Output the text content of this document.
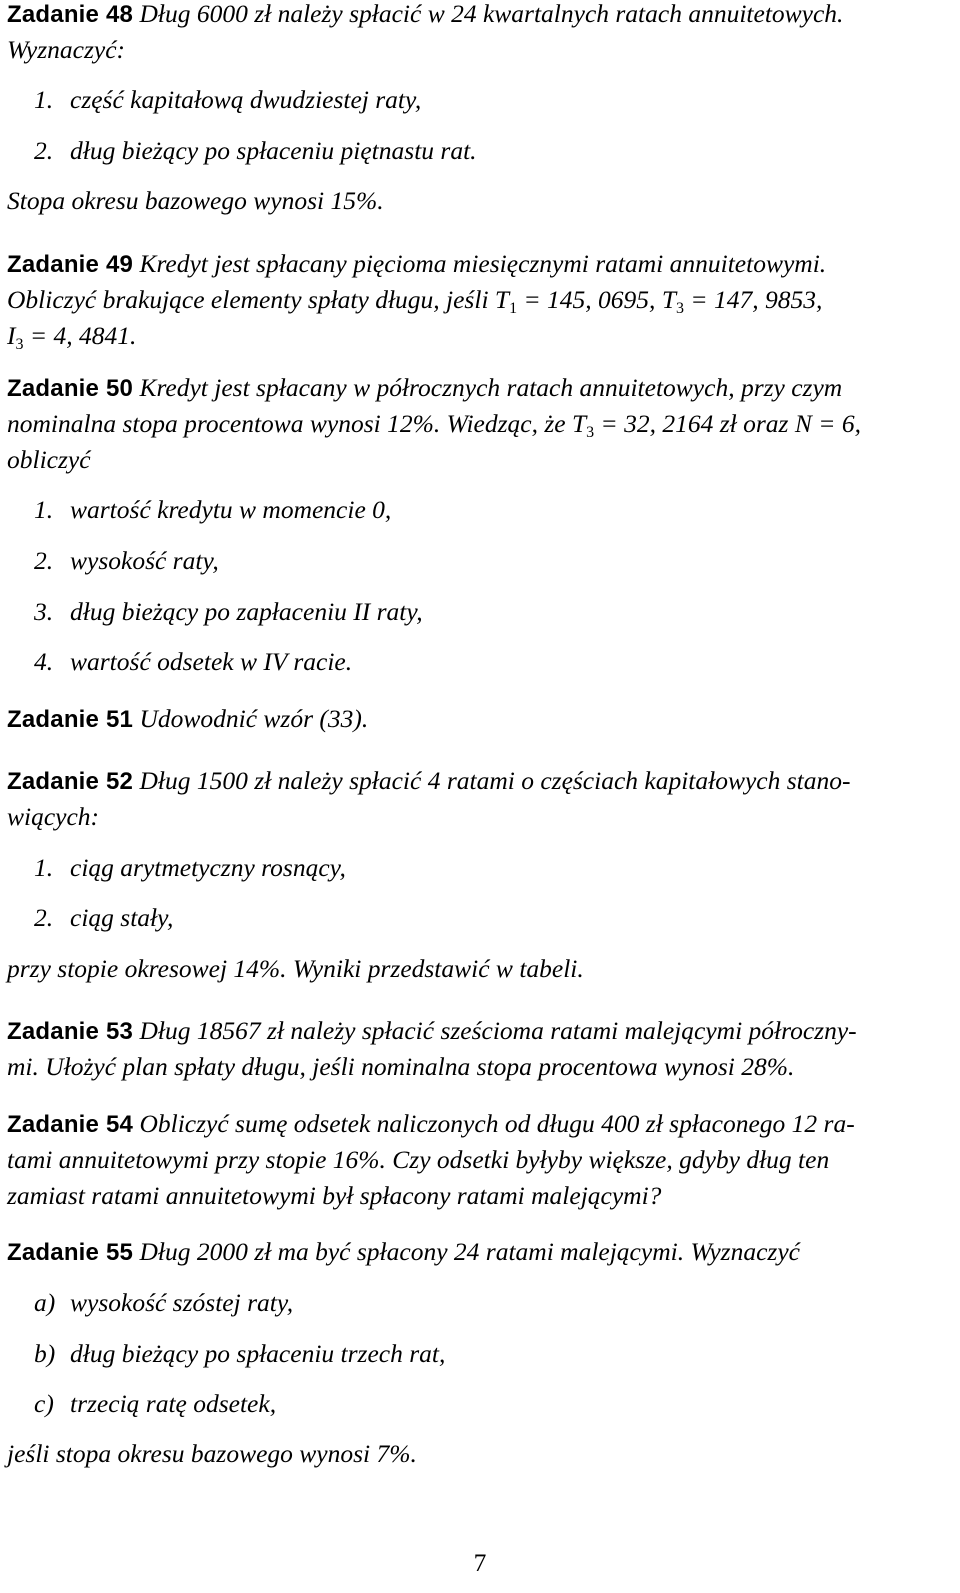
Zadanie 48 Dług 6000 zł należy spłacić w 24 kwartalnych ratach annuitetowych.
Wyznaczyć:
1. część kapitałową dwudziestej raty,
2. dług bieżący po spłaceniu piętnastu rat.
Stopa okresu bazowego wynosi 15%.
Zadanie 49 Kredyt jest spłacany pięcioma miesięcznymi ratami annuitetowymi.
Obliczyć brakujące elementy spłaty długu, jeśli $T_1 = 145$, 0695, $T_3 = 147$, 9853,
$I_3 = 4$, 4841.
Zadanie 50 Kredyt jest spłacany w półrocznych ratach annuitetowych, przy czym
nominalna stopa procentowa wynosi 12%. Wiedząc, że $T_3 = 32$, 2164 zł oraz N = 6,
obliczyć
1. wartość kredytu w momencie 0,
2. wysokość raty,
3. dług bieżący po zapłaceniu II raty,
4. wartość odsetek w IV racie.
Zadanie 51 Udowodnić wzór (33).
Zadanie 52 Dług 1500 zł należy spłacić 4 ratami o częściach kapitałowych stano-
wiących:
1. ciąg arytmetyczny rosnący,
2. ciąg stały,
przy stopie okresowej 14%. Wyniki przedstawić w tabeli.
Zadanie 53 Dług 18567 zł należy spłacić sześcioma ratami malejącymi półroczny-
mi. Ułożyć plan spłaty długu, jeśli nominalna stopa procentowa wynosi 28%.
Zadanie 54 Obliczyć sumę odsetek naliczonych od długu 400 zł spłaconego 12 ra-
tami annuitetowymi przy stopie 16%. Czy odsetki byłyby większe, gdyby dług ten
zamiast ratami annuitetowymi był spłacony ratami malejącymi?
Zadanie 55 Dług 2000 zł ma być spłacony 24 ratami malejącymi. Wyznaczyć
a) wysokość szóstej raty,
b) dług bieżący po spłaceniu trzech rat,
c) trzecią ratę odsetek,
jeśli stopa okresu bazowego wynosi 7%.
7
